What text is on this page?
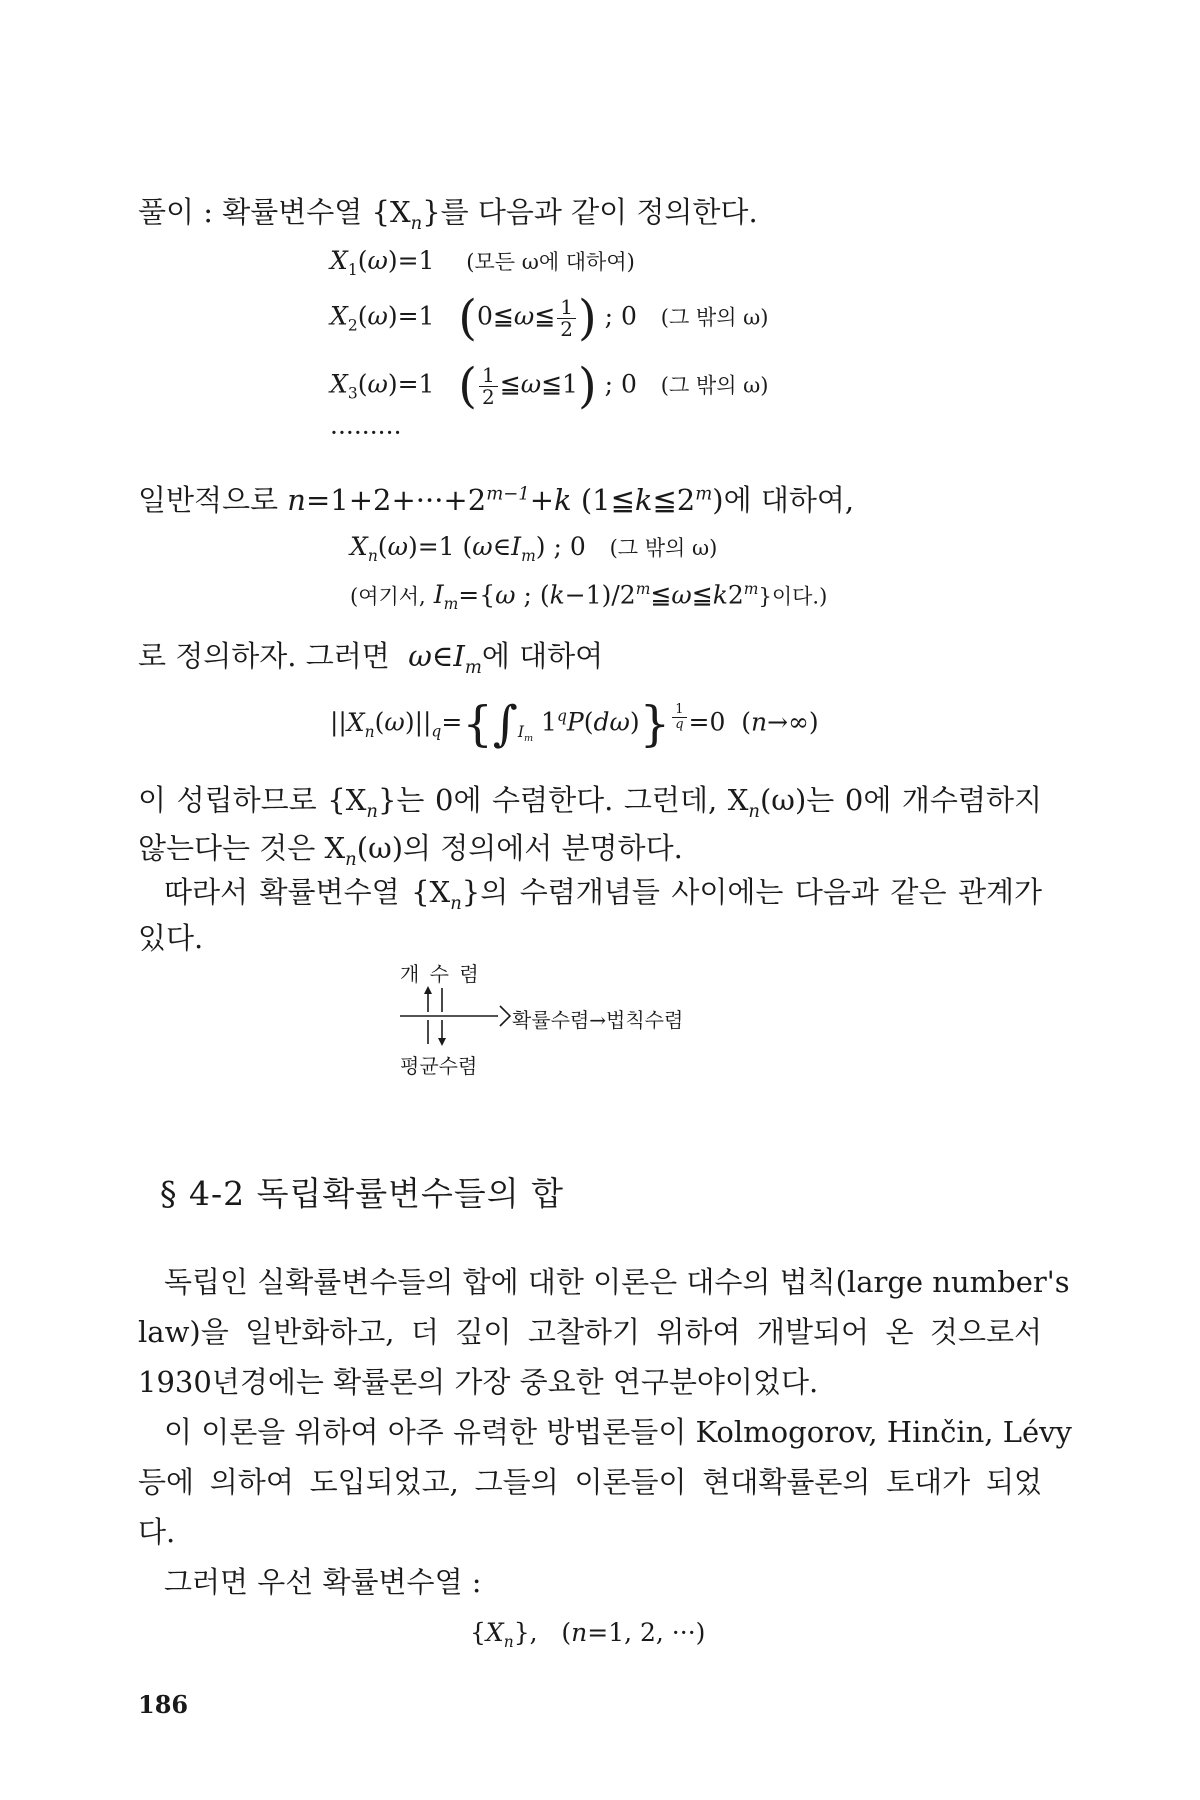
풀이 : 확률변수열 $\{X_n\}$를 다음과 같이 정의한다.
$X_1(\omega)=1$    (모든 ω에 대하여)
$X_2(\omega)=1$   (0≦ω≦ $\frac{1}{2}$ ) ; 0   (그 밖의 ω)
$X_3(\omega)=1$   ( $\frac{1}{2}$ ≦ω≦1) ; 0   (그 밖의 ω)
·········
일반적으로 $n=1+2+\cdot\cdot\cdot+2^{m-1}+k$ (1≦k≦2$^m$)에 대하여,
$X_n(\omega)=1$ $(\omega\in I_m)$ ; 0   (그 밖의 ω)
(여기서, $I_m=\{\omega$ ; $(k-1)/2^m≦\omega≦k2^m$}이다.)
로 정의하자. 그러면 $\omega\in I_m$에 대하여
$||X_n(\omega)||_q=\{\int_{I_m}$ 1$^q$P(dω)} $^{\frac{1}{q}}$ =0  (n→∞)
이 성립하므로 $\{X_n\}$는 0에 수렴한다. 그런데, $X_n(\omega)$는 0에 개수렴하지
않는다는 것은 $X_n(\omega)$의 정의에서 분명하다.
따라서 확률변수열 $\{X_n\}$의 수렴개념들 사이에는 다음과 같은 관계가
있다.
개 수 렴
확률수렴→법칙수렴
평균수렴
§ 4-2 독립확률변수들의 합
독립인 실확률변수들의 합에 대한 이론은 대수의 법칙(large number's
law)을 일반화하고, 더 깊이 고찰하기 위하여 개발되어 온 것으로서
1930년경에는 확률론의 가장 중요한 연구분야이었다.
이 이론을 위하여 아주 유력한 방법론들이 Kolmogorov, Hinčin, Lévy
등에 의하여 도입되었고, 그들의 이론들이 현대확률론의 토대가 되었
다.
그러면 우선 확률변수열 :
$\{X_n\}$,   (n=1, 2, ···)
186
